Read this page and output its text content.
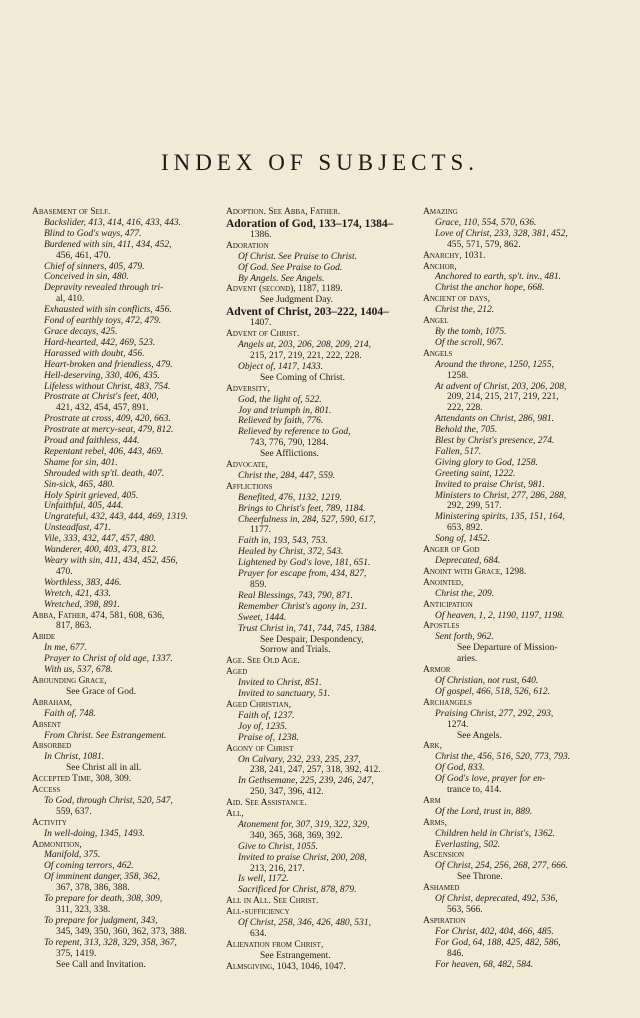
INDEX OF SUBJECTS.
Abasement of Self.
Backslider, 413, 414, 416, 433, 443.
Blind to God's ways, 477.
Burdened with sin, 411, 434, 452,
456, 461, 470.
Chief of sinners, 405, 479.
Conceived in sin, 480.
Depravity revealed through tri-
al, 410.
Exhausted with sin conflicts, 456.
Fond of earthly toys, 472, 479.
Grace decays, 425.
Hard-hearted, 442, 469, 523.
Harassed with doubt, 456.
Heart-broken and friendless, 479.
Hell-deserving, 330, 406, 435.
Lifeless without Christ, 483, 754.
Prostrate at Christ's feet, 400,
421, 432, 454, 457, 891.
Prostrate at cross, 409, 420, 663.
Prostrate at mercy-seat, 479, 812.
Proud and faithless, 444.
Repentant rebel, 406, 443, 469.
Shame for sin, 401.
Shrouded with sp'tl. death, 407.
Sin-sick, 465, 480.
Holy Spirit grieved, 405.
Unfaithful, 405, 444.
Ungrateful, 432, 443, 444, 469, 1319.
Unsteadfast, 471.
Vile, 333, 432, 447, 457, 480.
Wanderer, 400, 403, 473, 812.
Weary with sin, 411, 434, 452, 456,
470.
Worthless, 383, 446.
Wretch, 421, 433.
Wretched, 398, 891.
Abba, Father, 474, 581, 608, 636,
817, 863.
Abide
In me, 677.
Prayer to Christ of old age, 1337.
With us, 537, 678.
Abounding Grace,
See Grace of God.
Abraham,
Faith of, 748.
Absent
From Christ. See Estrangement.
Absorbed
In Christ, 1081.
See Christ all in all.
Accepted Time, 308, 309.
Access
To God, through Christ, 520, 547,
559, 637.
Activity
In well-doing, 1345, 1493.
Admonition,
Manifold, 375.
Of coming terrors, 462.
Of imminent danger, 358, 362,
367, 378, 386, 388.
To prepare for death, 308, 309,
311, 323, 338.
To prepare for judgment, 343,
345, 349, 350, 360, 362, 373, 388.
To repent, 313, 328, 329, 358, 367,
375, 1419.
See Call and Invitation.
Adoption. See Abba, Father.
Adoration of God, 133–174, 1384–
1386.
Adoration
Of Christ. See Praise to Christ.
Of God. See Praise to God.
By Angels. See Angels.
Advent (second), 1187, 1189.
See Judgment Day.
Advent of Christ, 203–222, 1404–
1407.
Advent of Christ.
Angels at, 203, 206, 208, 209, 214,
215, 217, 219, 221, 222, 228.
Object of, 1417, 1433.
See Coming of Christ.
Adversity,
God, the light of, 522.
Joy and triumph in, 801.
Relieved by faith, 776.
Relieved by reference to God,
743, 776, 790, 1284.
See Afflictions.
Advocate,
Christ the, 284, 447, 559.
Afflictions
Benefited, 476, 1132, 1219.
Brings to Christ's feet, 789, 1184.
Cheerfulness in, 284, 527, 590, 617,
1177.
Faith in, 193, 543, 753.
Healed by Christ, 372, 543.
Lightened by God's love, 181, 651.
Prayer for escape from, 434, 827,
859.
Real Blessings, 743, 790, 871.
Remember Christ's agony in, 231.
Sweet, 1444.
Trust Christ in, 741, 744, 745, 1384.
See Despair, Despondency,
Sorrow and Trials.
Age. See Old Age.
Aged
Invited to Christ, 851.
Invited to sanctuary, 51.
Aged Christian,
Faith of, 1237.
Joy of, 1235.
Praise of, 1238.
Agony of Christ
On Calvary, 232, 233, 235, 237,
238, 241, 247, 257, 318, 392, 412.
In Gethsemane, 225, 239, 246, 247,
250, 347, 396, 412.
Aid. See Assistance.
All,
Atonement for, 307, 319, 322, 329,
340, 365, 368, 369, 392.
Give to Christ, 1055.
Invited to praise Christ, 200, 208,
213, 216, 217.
Is well, 1172.
Sacrificed for Christ, 878, 879.
All in All. See Christ.
All-sufficiency
Of Christ, 258, 346, 426, 480, 531,
634.
Alienation from Christ,
See Estrangement.
Almsgiving, 1043, 1046, 1047.
Amazing
Grace, 110, 554, 570, 636.
Love of Christ, 233, 328, 381, 452,
455, 571, 579, 862.
Anarchy, 1031.
Anchor,
Anchored to earth, sp't. inv., 481.
Christ the anchor hope, 668.
Ancient of days,
Christ the, 212.
Angel
By the tomb, 1075.
Of the scroll, 967.
Angels
Around the throne, 1250, 1255,
1258.
At advent of Christ, 203, 206, 208,
209, 214, 215, 217, 219, 221,
222, 228.
Attendants on Christ, 286, 981.
Behold the, 705.
Blest by Christ's presence, 274.
Fallen, 517.
Giving glory to God, 1258.
Greeting saint, 1222.
Invited to praise Christ, 981.
Ministers to Christ, 277, 286, 288,
292, 299, 517.
Ministering spirits, 135, 151, 164,
653, 892.
Song of, 1452.
Anger of God
Deprecated, 684.
Anoint with Grace, 1298.
Anointed,
Christ the, 209.
Anticipation
Of heaven, 1, 2, 1190, 1197, 1198.
Apostles
Sent forth, 962.
See Departure of Mission-
aries.
Armor
Of Christian, not rust, 640.
Of gospel, 466, 518, 526, 612.
Archangels
Praising Christ, 277, 292, 293,
1274.
See Angels.
Ark,
Christ the, 456, 516, 520, 773, 793.
Of God, 833.
Of God's love, prayer for en-
trance to, 414.
Arm
Of the Lord, trust in, 889.
Arms,
Children held in Christ's, 1362.
Everlasting, 502.
Ascension
Of Christ, 254, 256, 268, 277, 666.
See Throne.
Ashamed
Of Christ, deprecated, 492, 536,
563, 566.
Aspiration
For Christ, 402, 404, 466, 485.
For God, 64, 188, 425, 482, 586,
846.
For heaven, 68, 482, 584.
